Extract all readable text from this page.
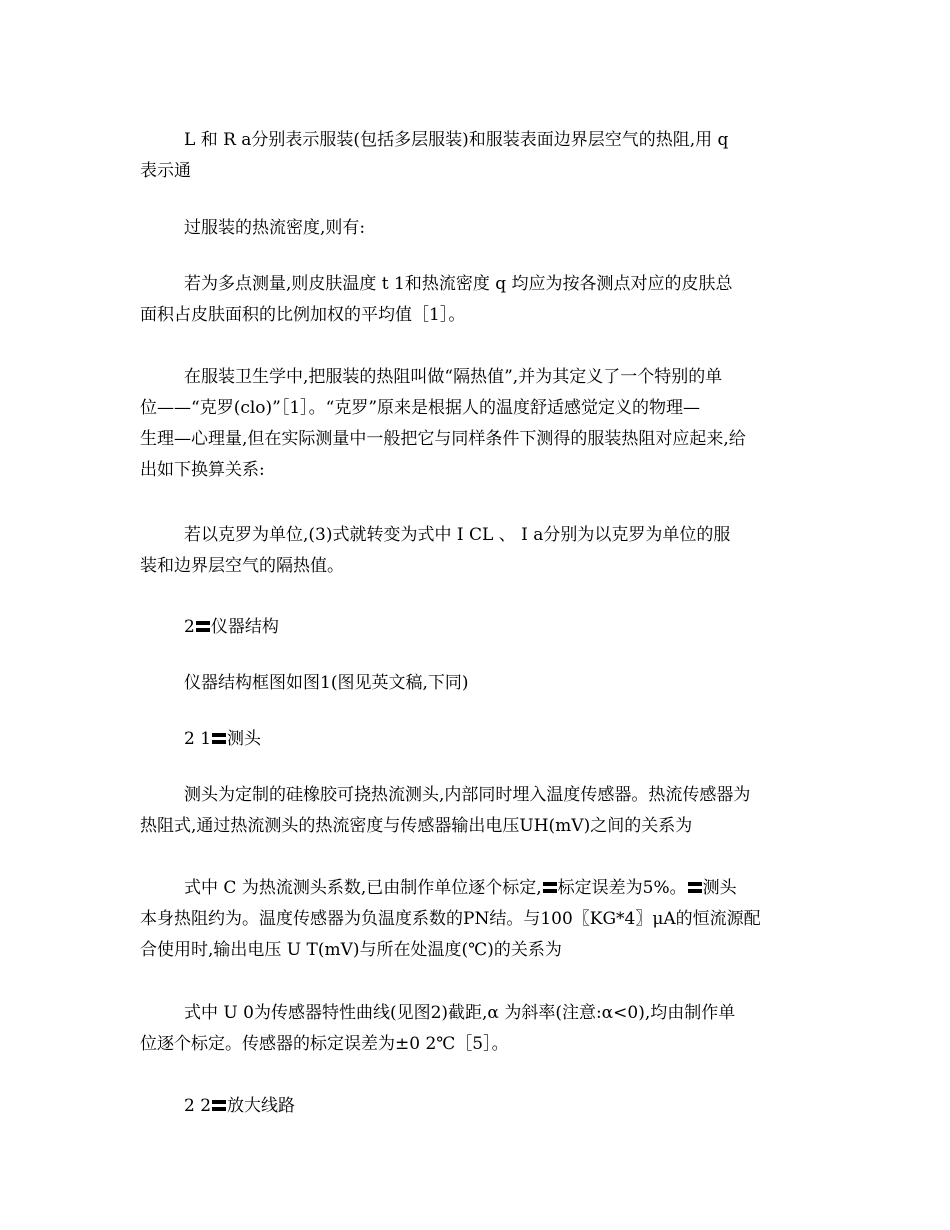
L 和 R a分别表示服装(包括多层服装)和服装表面边界层空气的热阻,用 q
表示通
过服装的热流密度,则有:
若为多点测量,则皮肤温度 t 1和热流密度 q 均应为按各测点对应的皮肤总
面积占皮肤面积的比例加权的平均值［1］。
在服装卫生学中,把服装的热阻叫做“隔热值”,并为其定义了一个特别的单
位——“克罗(clo)”［1］。“克罗”原来是根据人的温度舒适感觉定义的物理—
生理—心理量,但在实际测量中一般把它与同样条件下测得的服装热阻对应起来,给
出如下换算关系:
若以克罗为单位,(3)式就转变为式中 I CL 、 I a分别为以克罗为单位的服
装和边界层空气的隔热值。
2 仪器结构
仪器结构框图如图1(图见英文稿,下同)
2 1 测头
测头为定制的硅橡胶可挠热流测头,内部同时埋入温度传感器。热流传感器为
热阻式,通过热流测头的热流密度与传感器输出电压UH(mV)之间的关系为
式中 C 为热流测头系数,已由制作单位逐个标定, 标定误差为5%。 测头
本身热阻约为。温度传感器为负温度系数的PN结。与100〖KG*4〗μA的恒流源配
合使用时,输出电压 U T(mV)与所在处温度(℃)的关系为
式中 U 0为传感器特性曲线(见图2)截距,α 为斜率(注意:α<0),均由制作单
位逐个标定。传感器的标定误差为±0 2℃［5］。
2 2 放大线路
